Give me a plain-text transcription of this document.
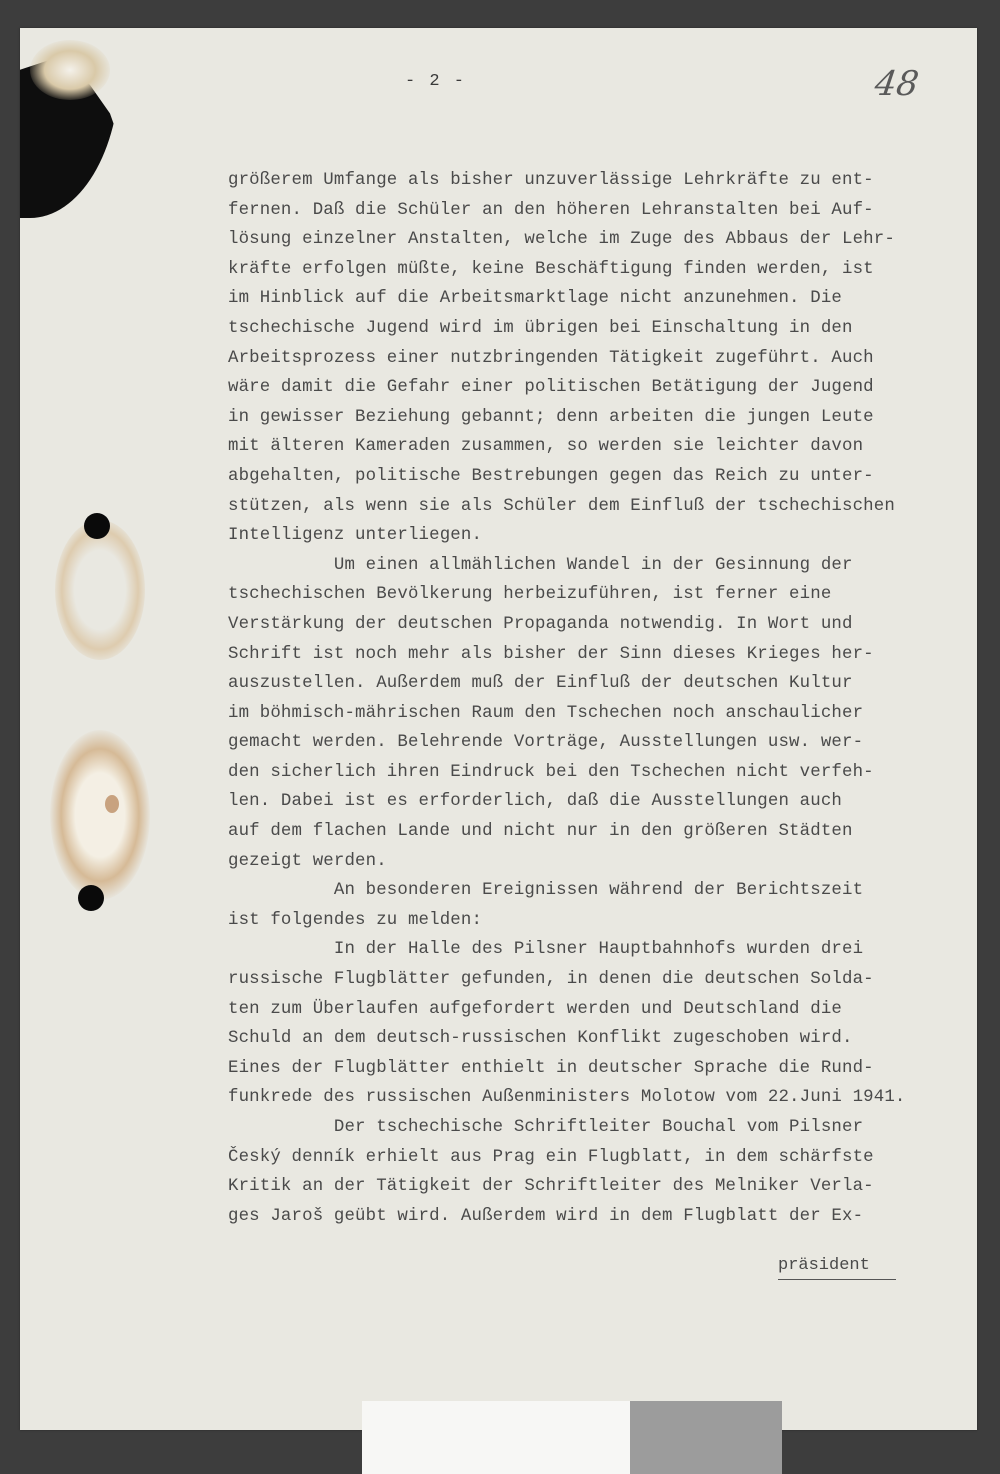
- 2 -	48
größerem Umfange als bisher unzuverlässige Lehrkräfte zu ent-
fernen. Daß die Schüler an den höheren Lehranstalten bei Auf-
lösung einzelner Anstalten, welche im Zuge des Abbaus der Lehr-
kräfte erfolgen müßte, keine Beschäftigung finden werden, ist
im Hinblick auf die Arbeitsmarktlage nicht anzunehmen. Die
tschechische Jugend wird im übrigen bei Einschaltung in den
Arbeitsprozess einer nutzbringenden Tätigkeit zugeführt. Auch
wäre damit die Gefahr einer politischen Betätigung der Jugend
in gewisser Beziehung gebannt; denn arbeiten die jungen Leute
mit älteren Kameraden zusammen, so werden sie leichter davon
abgehalten, politische Bestrebungen gegen das Reich zu unter-
stützen, als wenn sie als Schüler dem Einfluß der tschechischen
Intelligenz unterliegen.
Um einen allmählichen Wandel in der Gesinnung der
tschechischen Bevölkerung herbeizuführen, ist ferner eine
Verstärkung der deutschen Propaganda notwendig. In Wort und
Schrift ist noch mehr als bisher der Sinn dieses Krieges her-
auszustellen. Außerdem muß der Einfluß der deutschen Kultur
im böhmisch-mährischen Raum den Tschechen noch anschaulicher
gemacht werden. Belehrende Vorträge, Ausstellungen usw. wer-
den sicherlich ihren Eindruck bei den Tschechen nicht verfeh-
len. Dabei ist es erforderlich, daß die Ausstellungen auch
auf dem flachen Lande und nicht nur in den größeren Städten
gezeigt werden.
An besonderen Ereignissen während der Berichtszeit
ist folgendes zu melden:
In der Halle des Pilsner Hauptbahnhofs wurden drei
russische Flugblätter gefunden, in denen die deutschen Solda-
ten zum Überlaufen aufgefordert werden und Deutschland die
Schuld an dem deutsch-russischen Konflikt zugeschoben wird.
Eines der Flugblätter enthielt in deutscher Sprache die Rund-
funkrede des russischen Außenministers Molotow vom 22.Juni 1941.
Der tschechische Schriftleiter Bouchal vom Pilsner
Český denník erhielt aus Prag ein Flugblatt, in dem schärfste
Kritik an der Tätigkeit der Schriftleiter des Melniker Verla-
ges Jaroš geübt wird. Außerdem wird in dem Flugblatt der Ex-
präsident
